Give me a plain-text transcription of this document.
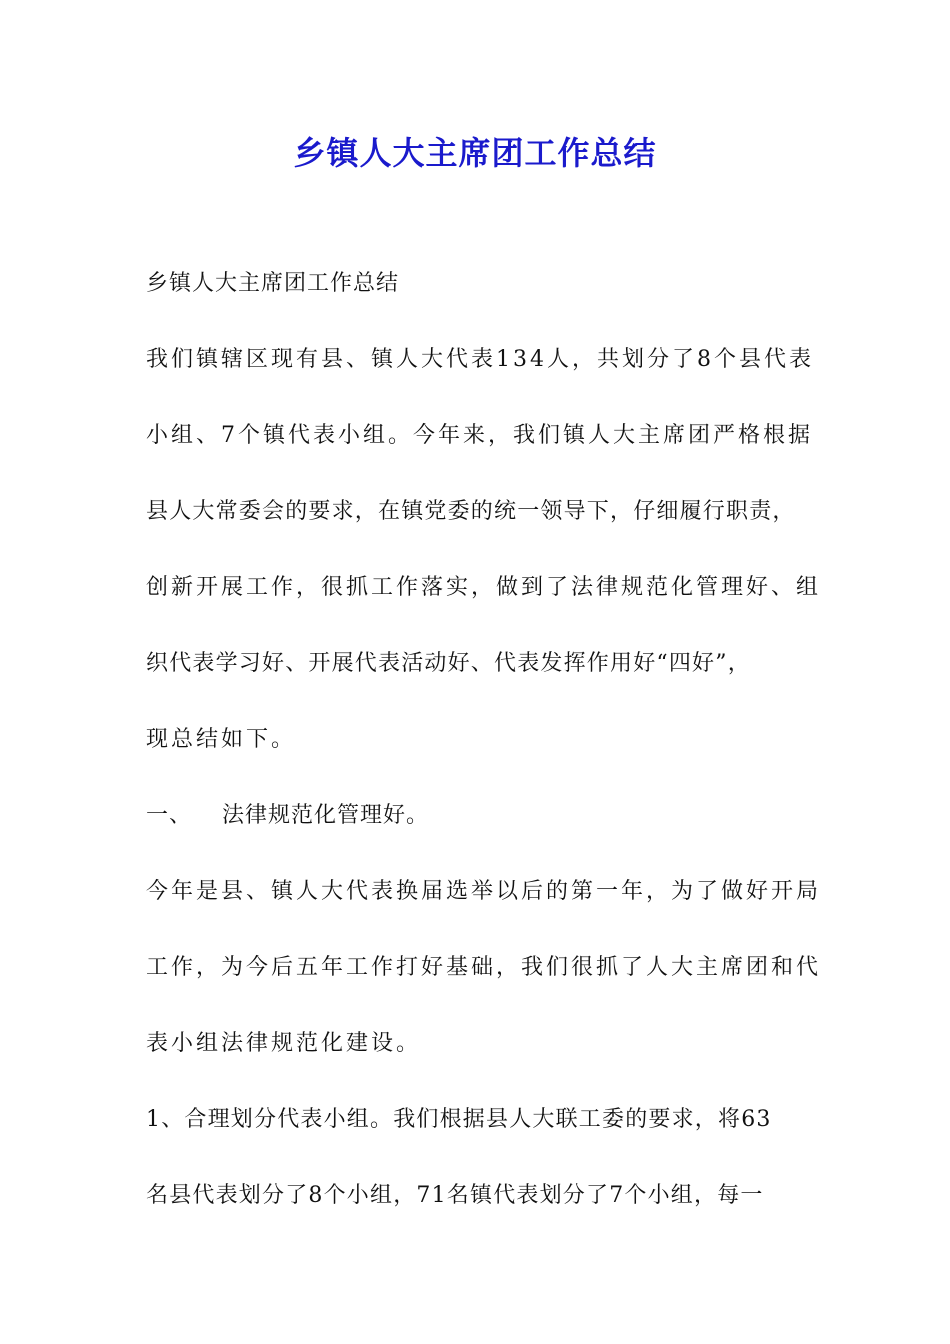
乡镇人大主席团工作总结
乡镇人大主席团工作总结
我们镇辖区现有县、镇人大代表134人，共划分了8个县代表
小组、7个镇代表小组。今年来，我们镇人大主席团严格根据
县人大常委会的要求，在镇党委的统一领导下，仔细履行职责，
创新开展工作，很抓工作落实，做到了法律规范化管理好、组
织代表学习好、开展代表活动好、代表发挥作用好“四好”，
现总结如下。
一、 法律规范化管理好。
今年是县、镇人大代表换届选举以后的第一年，为了做好开局
工作，为今后五年工作打好基础，我们很抓了人大主席团和代
表小组法律规范化建设。
1、合理划分代表小组。我们根据县人大联工委的要求，将63
名县代表划分了8个小组，71名镇代表划分了7个小组，每一
